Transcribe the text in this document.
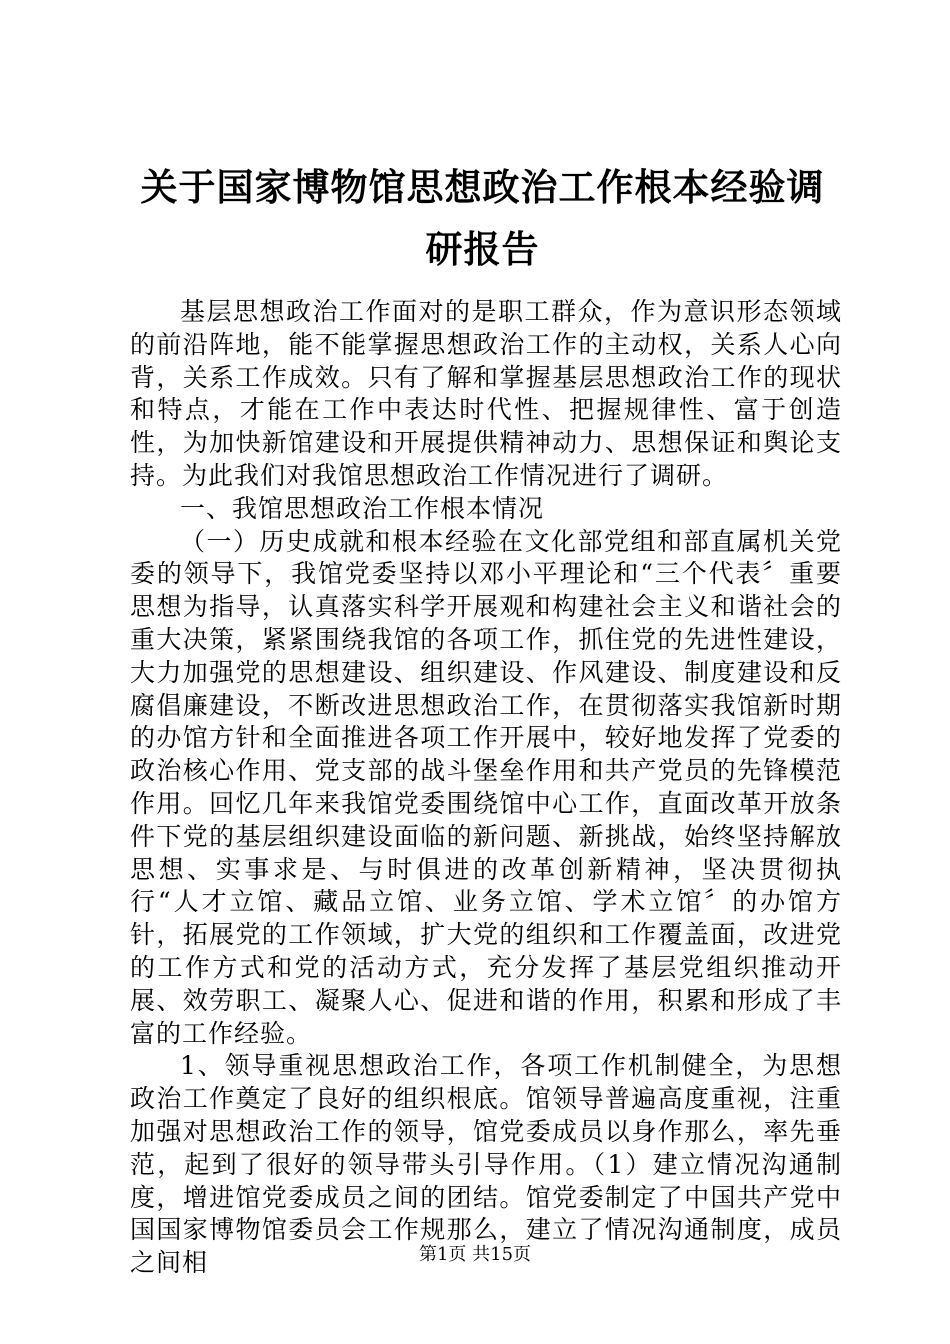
关于国家博物馆思想政治工作根本经验调研报告

基层思想政治工作面对的是职工群众，作为意识形态领域的前沿阵地，能不能掌握思想政治工作的主动权，关系人心向背，关系工作成效。只有了解和掌握基层思想政治工作的现状和特点，才能在工作中表达时代性、把握规律性、富于创造性，为加快新馆建设和开展提供精神动力、思想保证和舆论支持。为此我们对我馆思想政治工作情况进行了调研。

一、我馆思想政治工作根本情况

（一）历史成就和根本经验在文化部党组和部直属机关党委的领导下，我馆党委坚持以邓小平理论和“三个代表〞重要思想为指导，认真落实科学开展观和构建社会主义和谐社会的重大决策，紧紧围绕我馆的各项工作，抓住党的先进性建设，大力加强党的思想建设、组织建设、作风建设、制度建设和反腐倡廉建设，不断改进思想政治工作，在贯彻落实我馆新时期的办馆方针和全面推进各项工作开展中，较好地发挥了党委的政治核心作用、党支部的战斗堡垒作用和共产党员的先锋模范作用。回忆几年来我馆党委围绕馆中心工作，直面改革开放条件下党的基层组织建设面临的新问题、新挑战，始终坚持解放思想、实事求是、与时俱进的改革创新精神，坚决贯彻执行“人才立馆、藏品立馆、业务立馆、学术立馆〞的办馆方针，拓展党的工作领域，扩大党的组织和工作覆盖面，改进党的工作方式和党的活动方式，充分发挥了基层党组织推动开展、效劳职工、凝聚人心、促进和谐的作用，积累和形成了丰富的工作经验。

1、领导重视思想政治工作，各项工作机制健全，为思想政治工作奠定了良好的组织根底。馆领导普遍高度重视，注重加强对思想政治工作的领导，馆党委成员以身作那么，率先垂范，起到了很好的领导带头引导作用。（1）建立情况沟通制度，增进馆党委成员之间的团结。馆党委制定了中国共产党中国国家博物馆委员会工作规那么，建立了情况沟通制度，成员之间相	第1页 共15页
